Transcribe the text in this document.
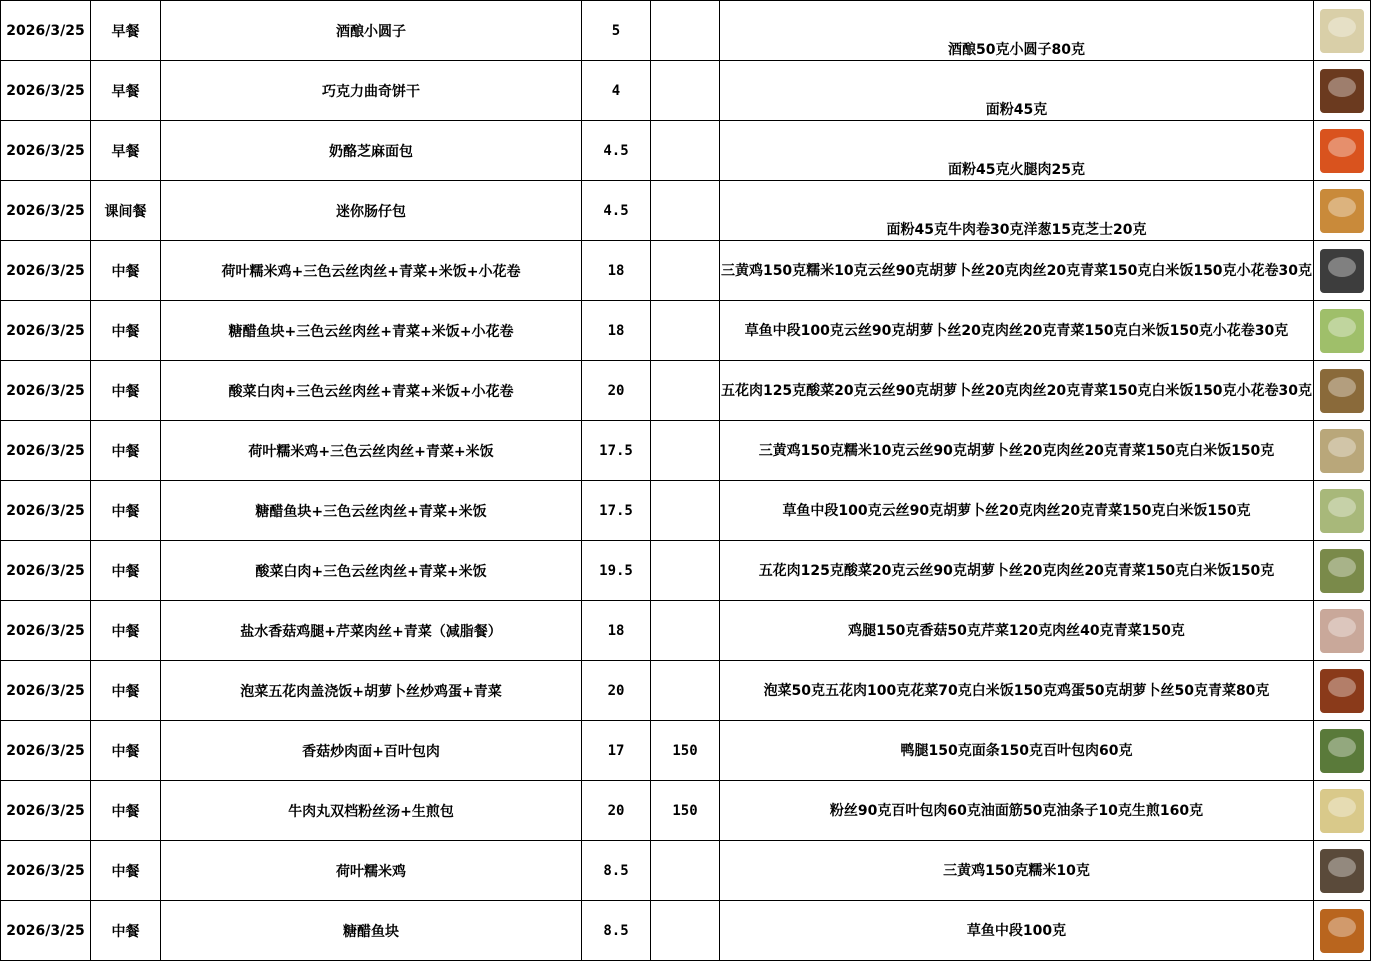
2026/3/25	早餐	酒酿小圆子	5		酒酿50克小圆子80克	

2026/3/25	早餐	巧克力曲奇饼干	4		面粉45克	

2026/3/25	早餐	奶酪芝麻面包	4.5		面粉45克火腿肉25克	

2026/3/25	课间餐	迷你肠仔包	4.5		面粉45克牛肉卷30克洋葱15克芝士20克	

2026/3/25	中餐	荷叶糯米鸡+三色云丝肉丝+青菜+米饭+小花卷	18		三黄鸡150克糯米10克云丝90克胡萝卜丝20克肉丝20克青菜150克白米饭150克小花卷30克	

2026/3/25	中餐	糖醋鱼块+三色云丝肉丝+青菜+米饭+小花卷	18		草鱼中段100克云丝90克胡萝卜丝20克肉丝20克青菜150克白米饭150克小花卷30克	

2026/3/25	中餐	酸菜白肉+三色云丝肉丝+青菜+米饭+小花卷	20		五花肉125克酸菜20克云丝90克胡萝卜丝20克肉丝20克青菜150克白米饭150克小花卷30克	

2026/3/25	中餐	荷叶糯米鸡+三色云丝肉丝+青菜+米饭	17.5		三黄鸡150克糯米10克云丝90克胡萝卜丝20克肉丝20克青菜150克白米饭150克	

2026/3/25	中餐	糖醋鱼块+三色云丝肉丝+青菜+米饭	17.5		草鱼中段100克云丝90克胡萝卜丝20克肉丝20克青菜150克白米饭150克	

2026/3/25	中餐	酸菜白肉+三色云丝肉丝+青菜+米饭	19.5		五花肉125克酸菜20克云丝90克胡萝卜丝20克肉丝20克青菜150克白米饭150克	

2026/3/25	中餐	盐水香菇鸡腿+芹菜肉丝+青菜（减脂餐）	18		鸡腿150克香菇50克芹菜120克肉丝40克青菜150克	

2026/3/25	中餐	泡菜五花肉盖浇饭+胡萝卜丝炒鸡蛋+青菜	20		泡菜50克五花肉100克花菜70克白米饭150克鸡蛋50克胡萝卜丝50克青菜80克	

2026/3/25	中餐	香菇炒肉面+百叶包肉	17	150	鸭腿150克面条150克百叶包肉60克	

2026/3/25	中餐	牛肉丸双档粉丝汤+生煎包	20	150	粉丝90克百叶包肉60克油面筋50克油条子10克生煎160克	

2026/3/25	中餐	荷叶糯米鸡	8.5		三黄鸡150克糯米10克	

2026/3/25	中餐	糖醋鱼块	8.5		草鱼中段100克	
